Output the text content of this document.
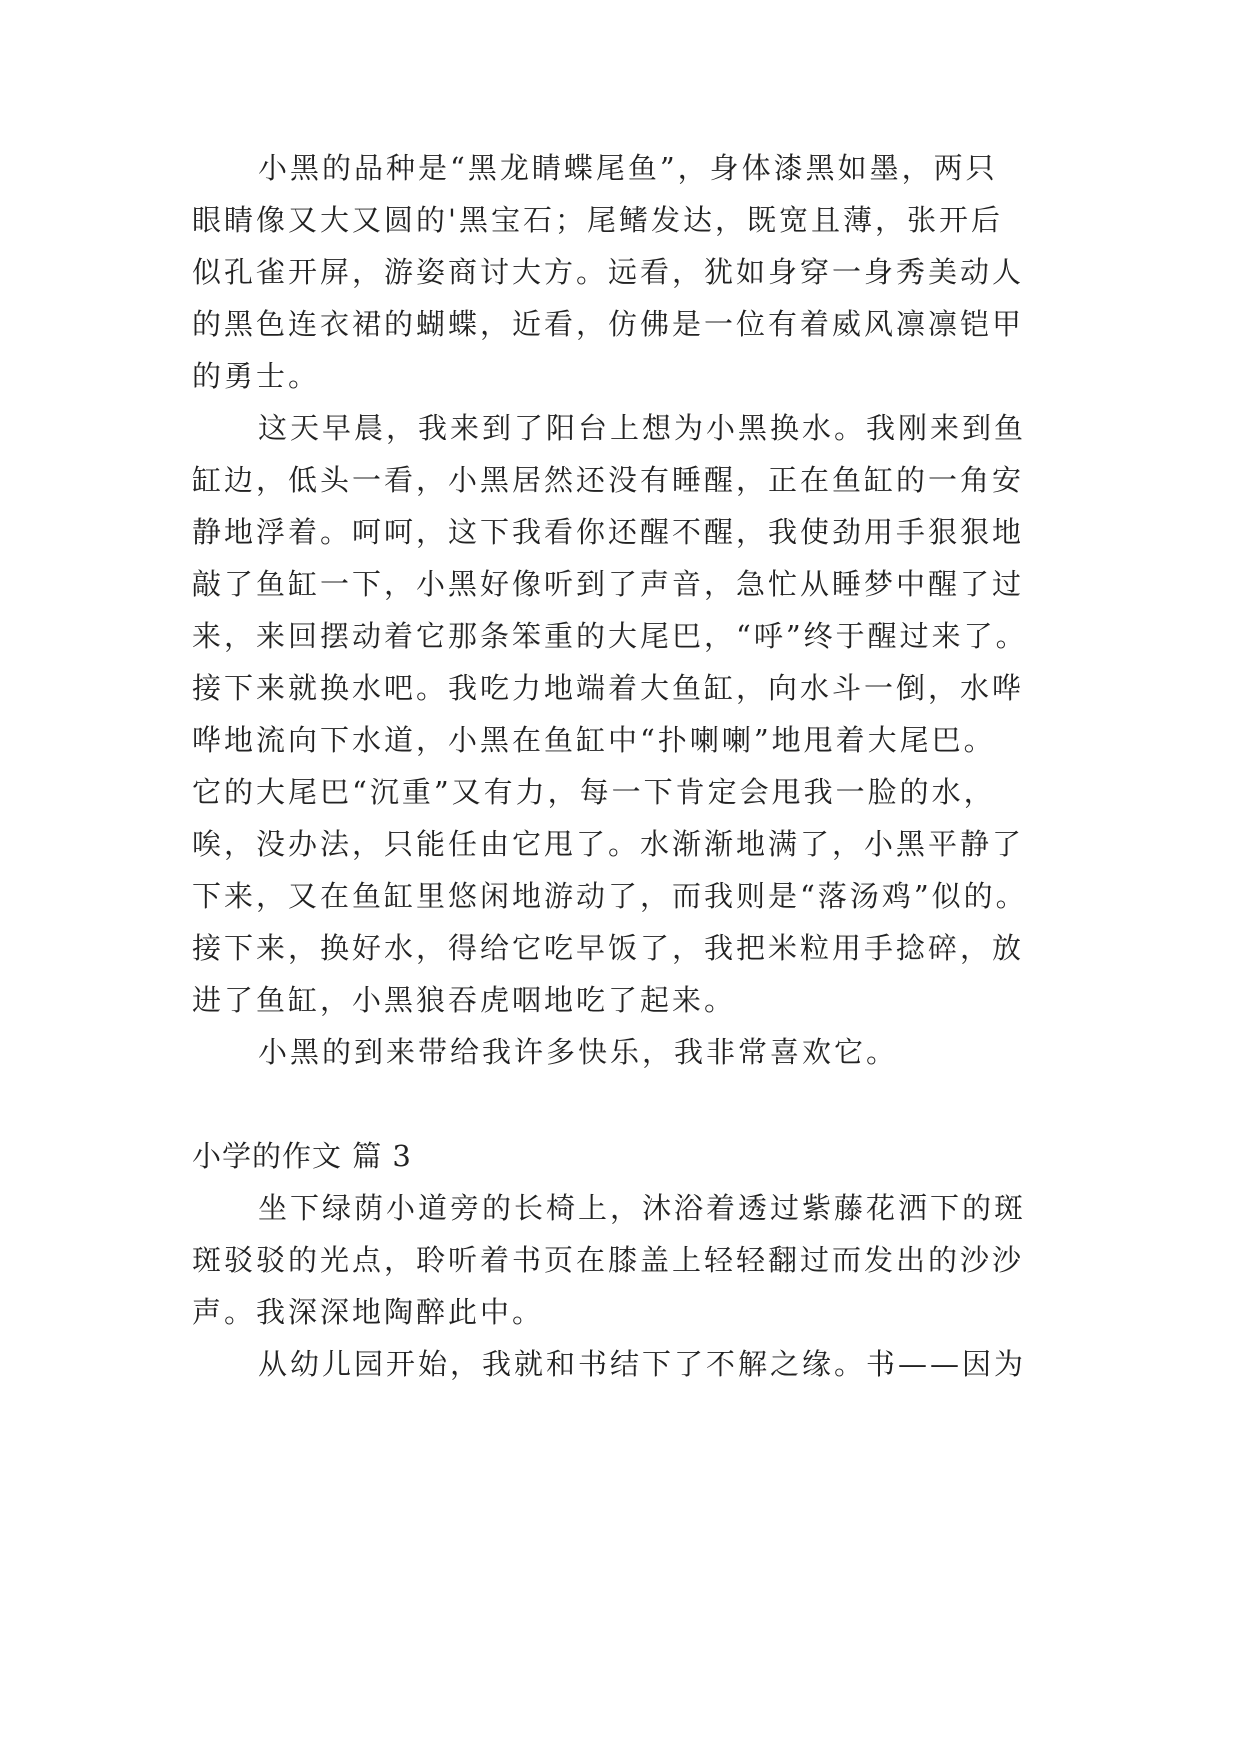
小黑的品种是“黑龙睛蝶尾鱼”，身体漆黑如墨，两只

眼睛像又大又圆的'黑宝石；尾鳍发达，既宽且薄，张开后

似孔雀开屏，游姿商讨大方。远看，犹如身穿一身秀美动人

的黑色连衣裙的蝴蝶，近看，仿佛是一位有着威风凛凛铠甲

的勇士。

这天早晨，我来到了阳台上想为小黑换水。我刚来到鱼

缸边，低头一看，小黑居然还没有睡醒，正在鱼缸的一角安

静地浮着。呵呵，这下我看你还醒不醒，我使劲用手狠狠地

敲了鱼缸一下，小黑好像听到了声音，急忙从睡梦中醒了过

来，来回摆动着它那条笨重的大尾巴，“呼”终于醒过来了。

接下来就换水吧。我吃力地端着大鱼缸，向水斗一倒，水哗

哗地流向下水道，小黑在鱼缸中“扑喇喇”地甩着大尾巴。

它的大尾巴“沉重”又有力，每一下肯定会甩我一脸的水，

唉，没办法，只能任由它甩了。水渐渐地满了，小黑平静了

下来，又在鱼缸里悠闲地游动了，而我则是“落汤鸡”似的。

接下来，换好水，得给它吃早饭了，我把米粒用手捻碎，放

进了鱼缸，小黑狼吞虎咽地吃了起来。

小黑的到来带给我许多快乐，我非常喜欢它。

小学的作文 篇 3

坐下绿荫小道旁的长椅上，沐浴着透过紫藤花洒下的斑

斑驳驳的光点，聆听着书页在膝盖上轻轻翻过而发出的沙沙

声。我深深地陶醉此中。

从幼儿园开始，我就和书结下了不解之缘。书——因为
